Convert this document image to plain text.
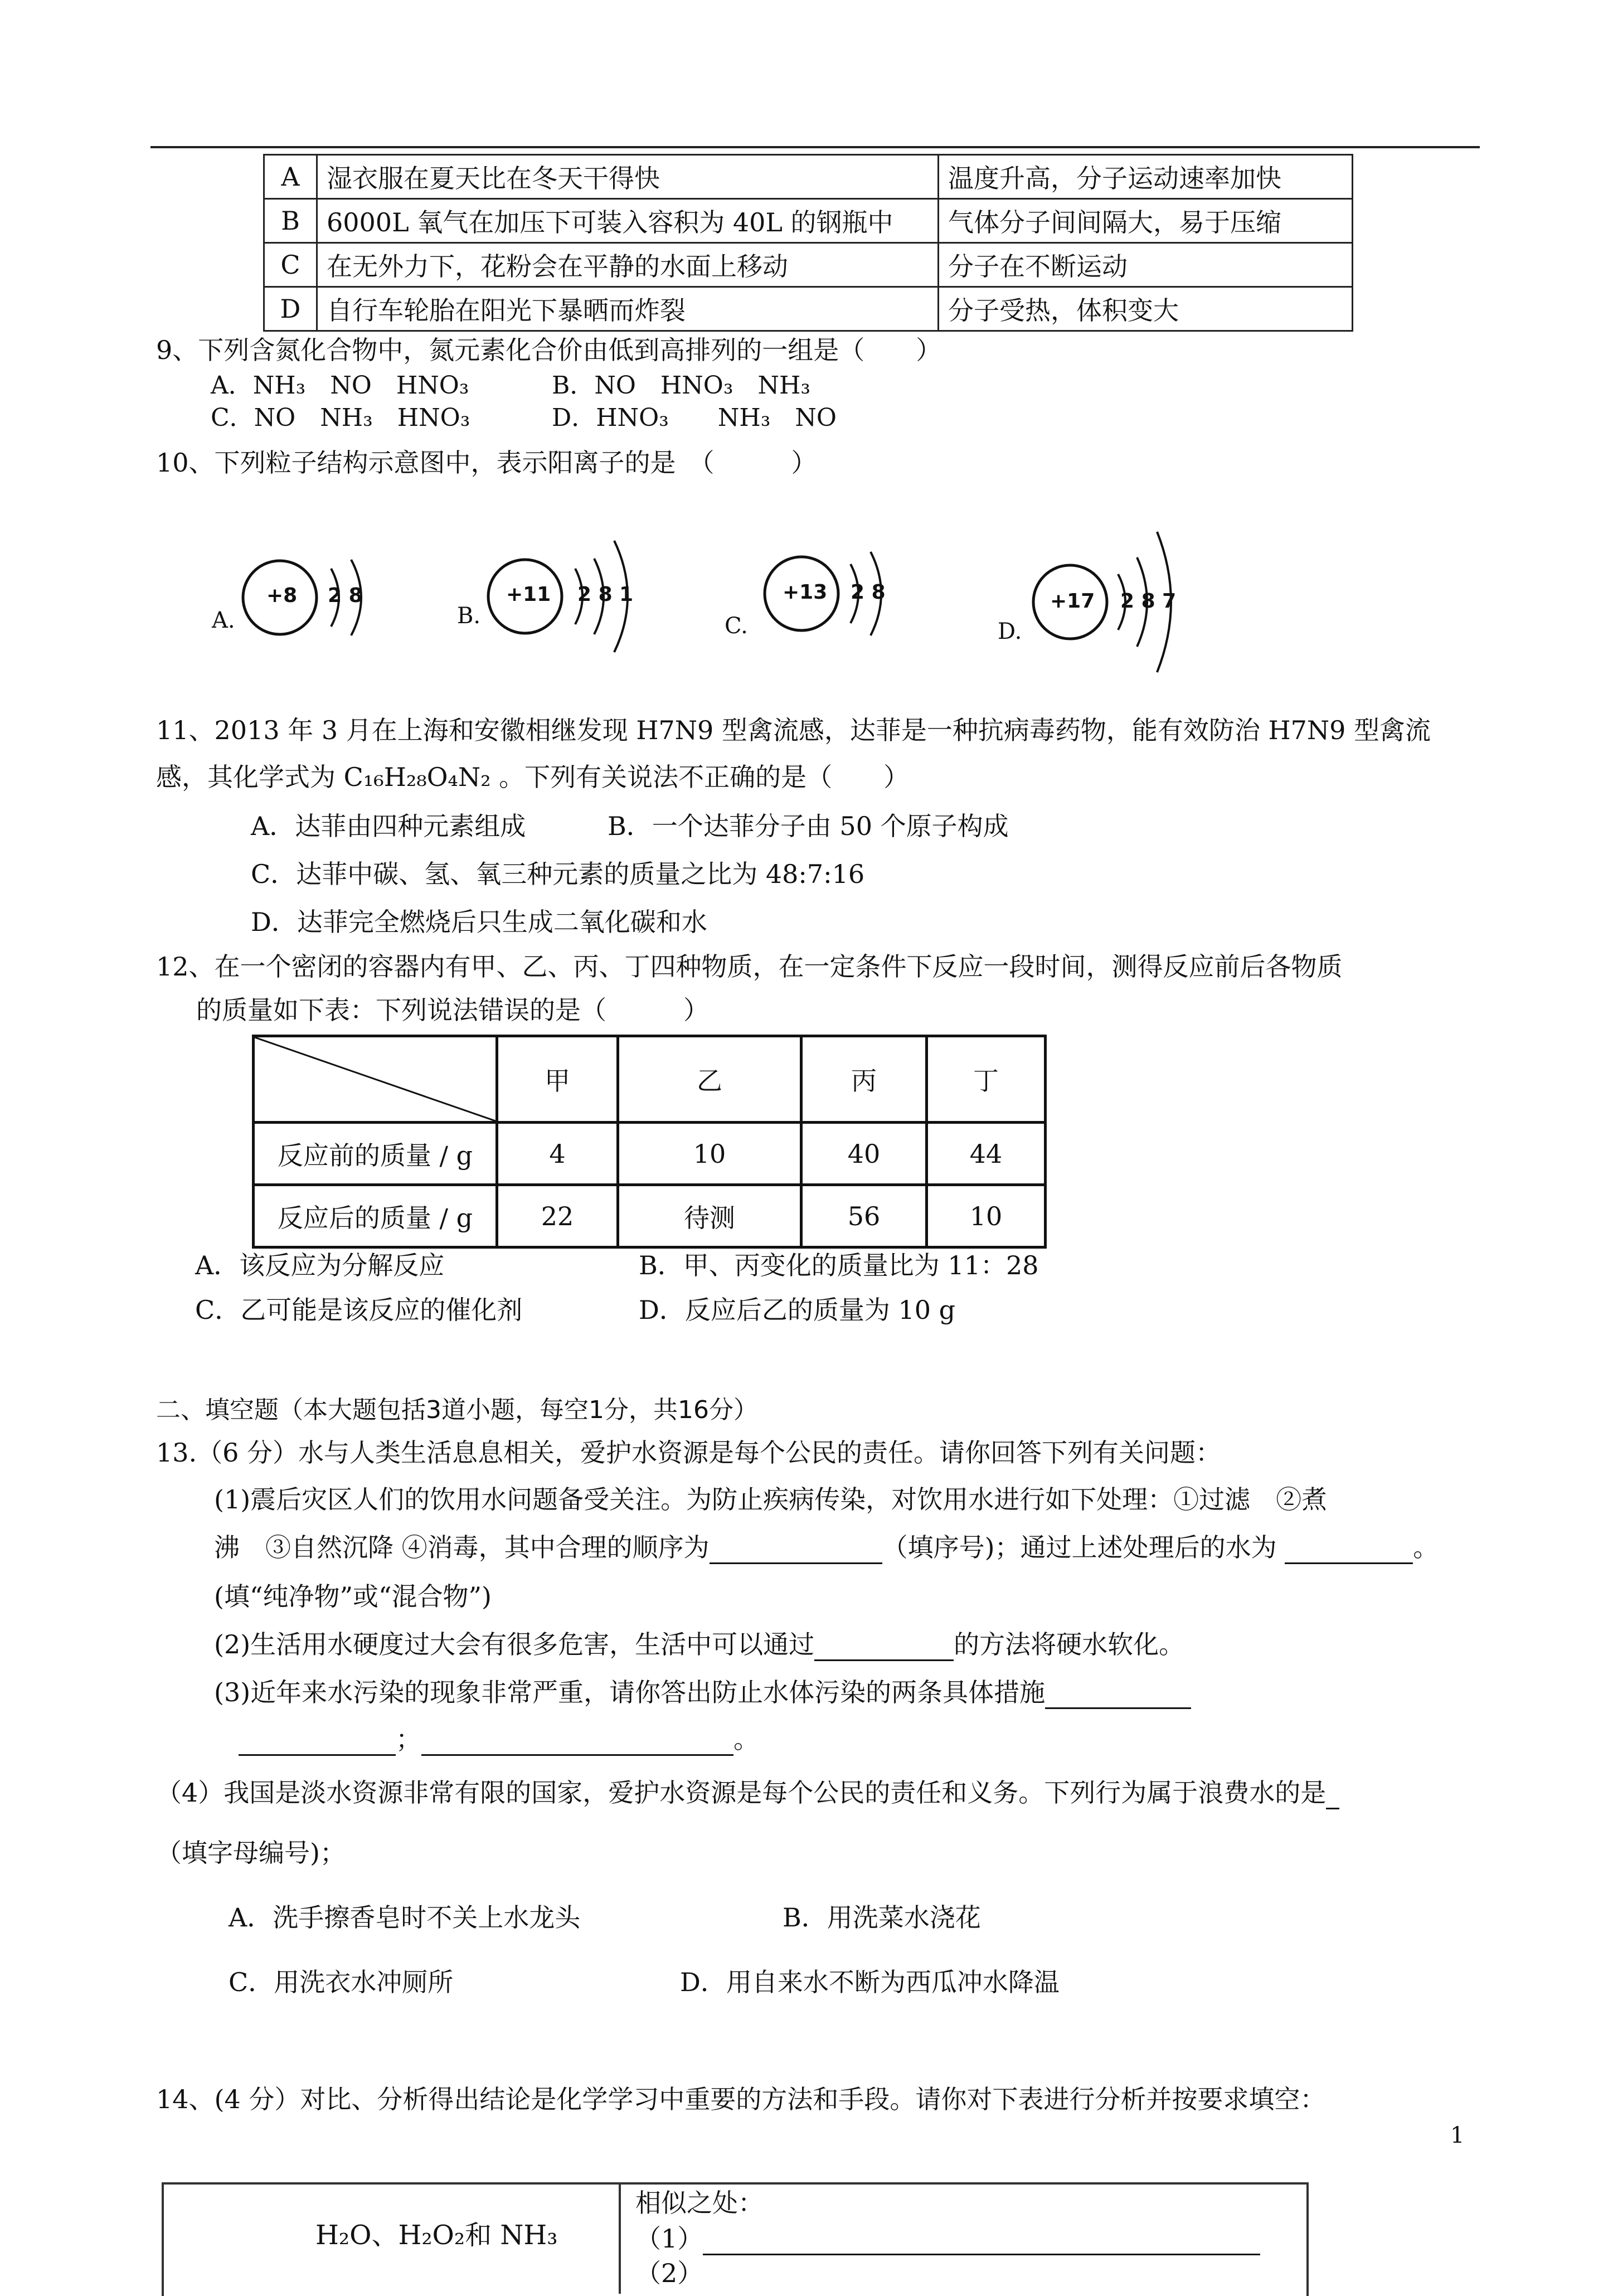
A	湿衣服在夏天比在冬天干得快	温度升高，分子运动速率加快
B	6000L 氧气在加压下可装入容积为 40L 的钢瓶中	气体分子间间隔大，易于压缩
C	在无外力下，花粉会在平静的水面上移动	分子在不断运动
D	自行车轮胎在阳光下暴晒而炸裂	分子受热，体积变大
9、下列含氮化合物中，氮元素化合价由低到高排列的一组是（　　）
A．NH₃　NO　HNO₃	B．NO　HNO₃　NH₃
C．NO　NH₃　HNO₃	D．HNO₃　　NH₃　NO
10、下列粒子结构示意图中，表示阳离子的是　（　　　）
A.
+8 2 8
B.
+11 2 8 1
C.
+13 2 8
D.
+17 2 8 7
11、2013 年 3 月在上海和安徽相继发现 H7N9 型禽流感，达菲是一种抗病毒药物，能有效防治 H7N9 型禽流
感，其化学式为 C₁₆H₂₈O₄N₂ 。下列有关说法不正确的是（　　）
A．达菲由四种元素组成	B．一个达菲分子由 50 个原子构成
C．达菲中碳、氢、氧三种元素的质量之比为 48:7:16
D．达菲完全燃烧后只生成二氧化碳和水
12、在一个密闭的容器内有甲、乙、丙、丁四种物质，在一定条件下反应一段时间，测得反应前后各物质
的质量如下表：下列说法错误的是（　　　）
	甲	乙	丙	丁
反应前的质量 / g	4	10	40	44
反应后的质量 / g	22	待测	56	10
A．该反应为分解反应	B．甲、丙变化的质量比为 11：28
C．乙可能是该反应的催化剂	D．反应后乙的质量为 10 g
二、填空题（本大题包括3道小题，每空1分，共16分）
13.（6 分）水与人类生活息息相关，爱护水资源是每个公民的责任。请你回答下列有关问题：
(1)震后灾区人们的饮用水问题备受关注。为防止疾病传染，对饮用水进行如下处理：①过滤　②煮
沸　③自然沉降 ④消毒，其中合理的顺序为	（填序号)；通过上述处理后的水为	。
(填“纯净物”或“混合物”)
(2)生活用水硬度过大会有很多危害，生活中可以通过	的方法将硬水软化。
(3)近年来水污染的现象非常严重，请你答出防止水体污染的两条具体措施
；	。
（4）我国是淡水资源非常有限的国家，爱护水资源是每个公民的责任和义务。下列行为属于浪费水的是
（填字母编号)；
A．洗手擦香皂时不关上水龙头	B．用洗菜水浇花
C．用洗衣水冲厕所	D．用自来水不断为西瓜冲水降温
14、(4 分）对比、分析得出结论是化学学习中重要的方法和手段。请你对下表进行分析并按要求填空：
1
H₂O、H₂O₂和 NH₃
相似之处：
（1）
（2）
